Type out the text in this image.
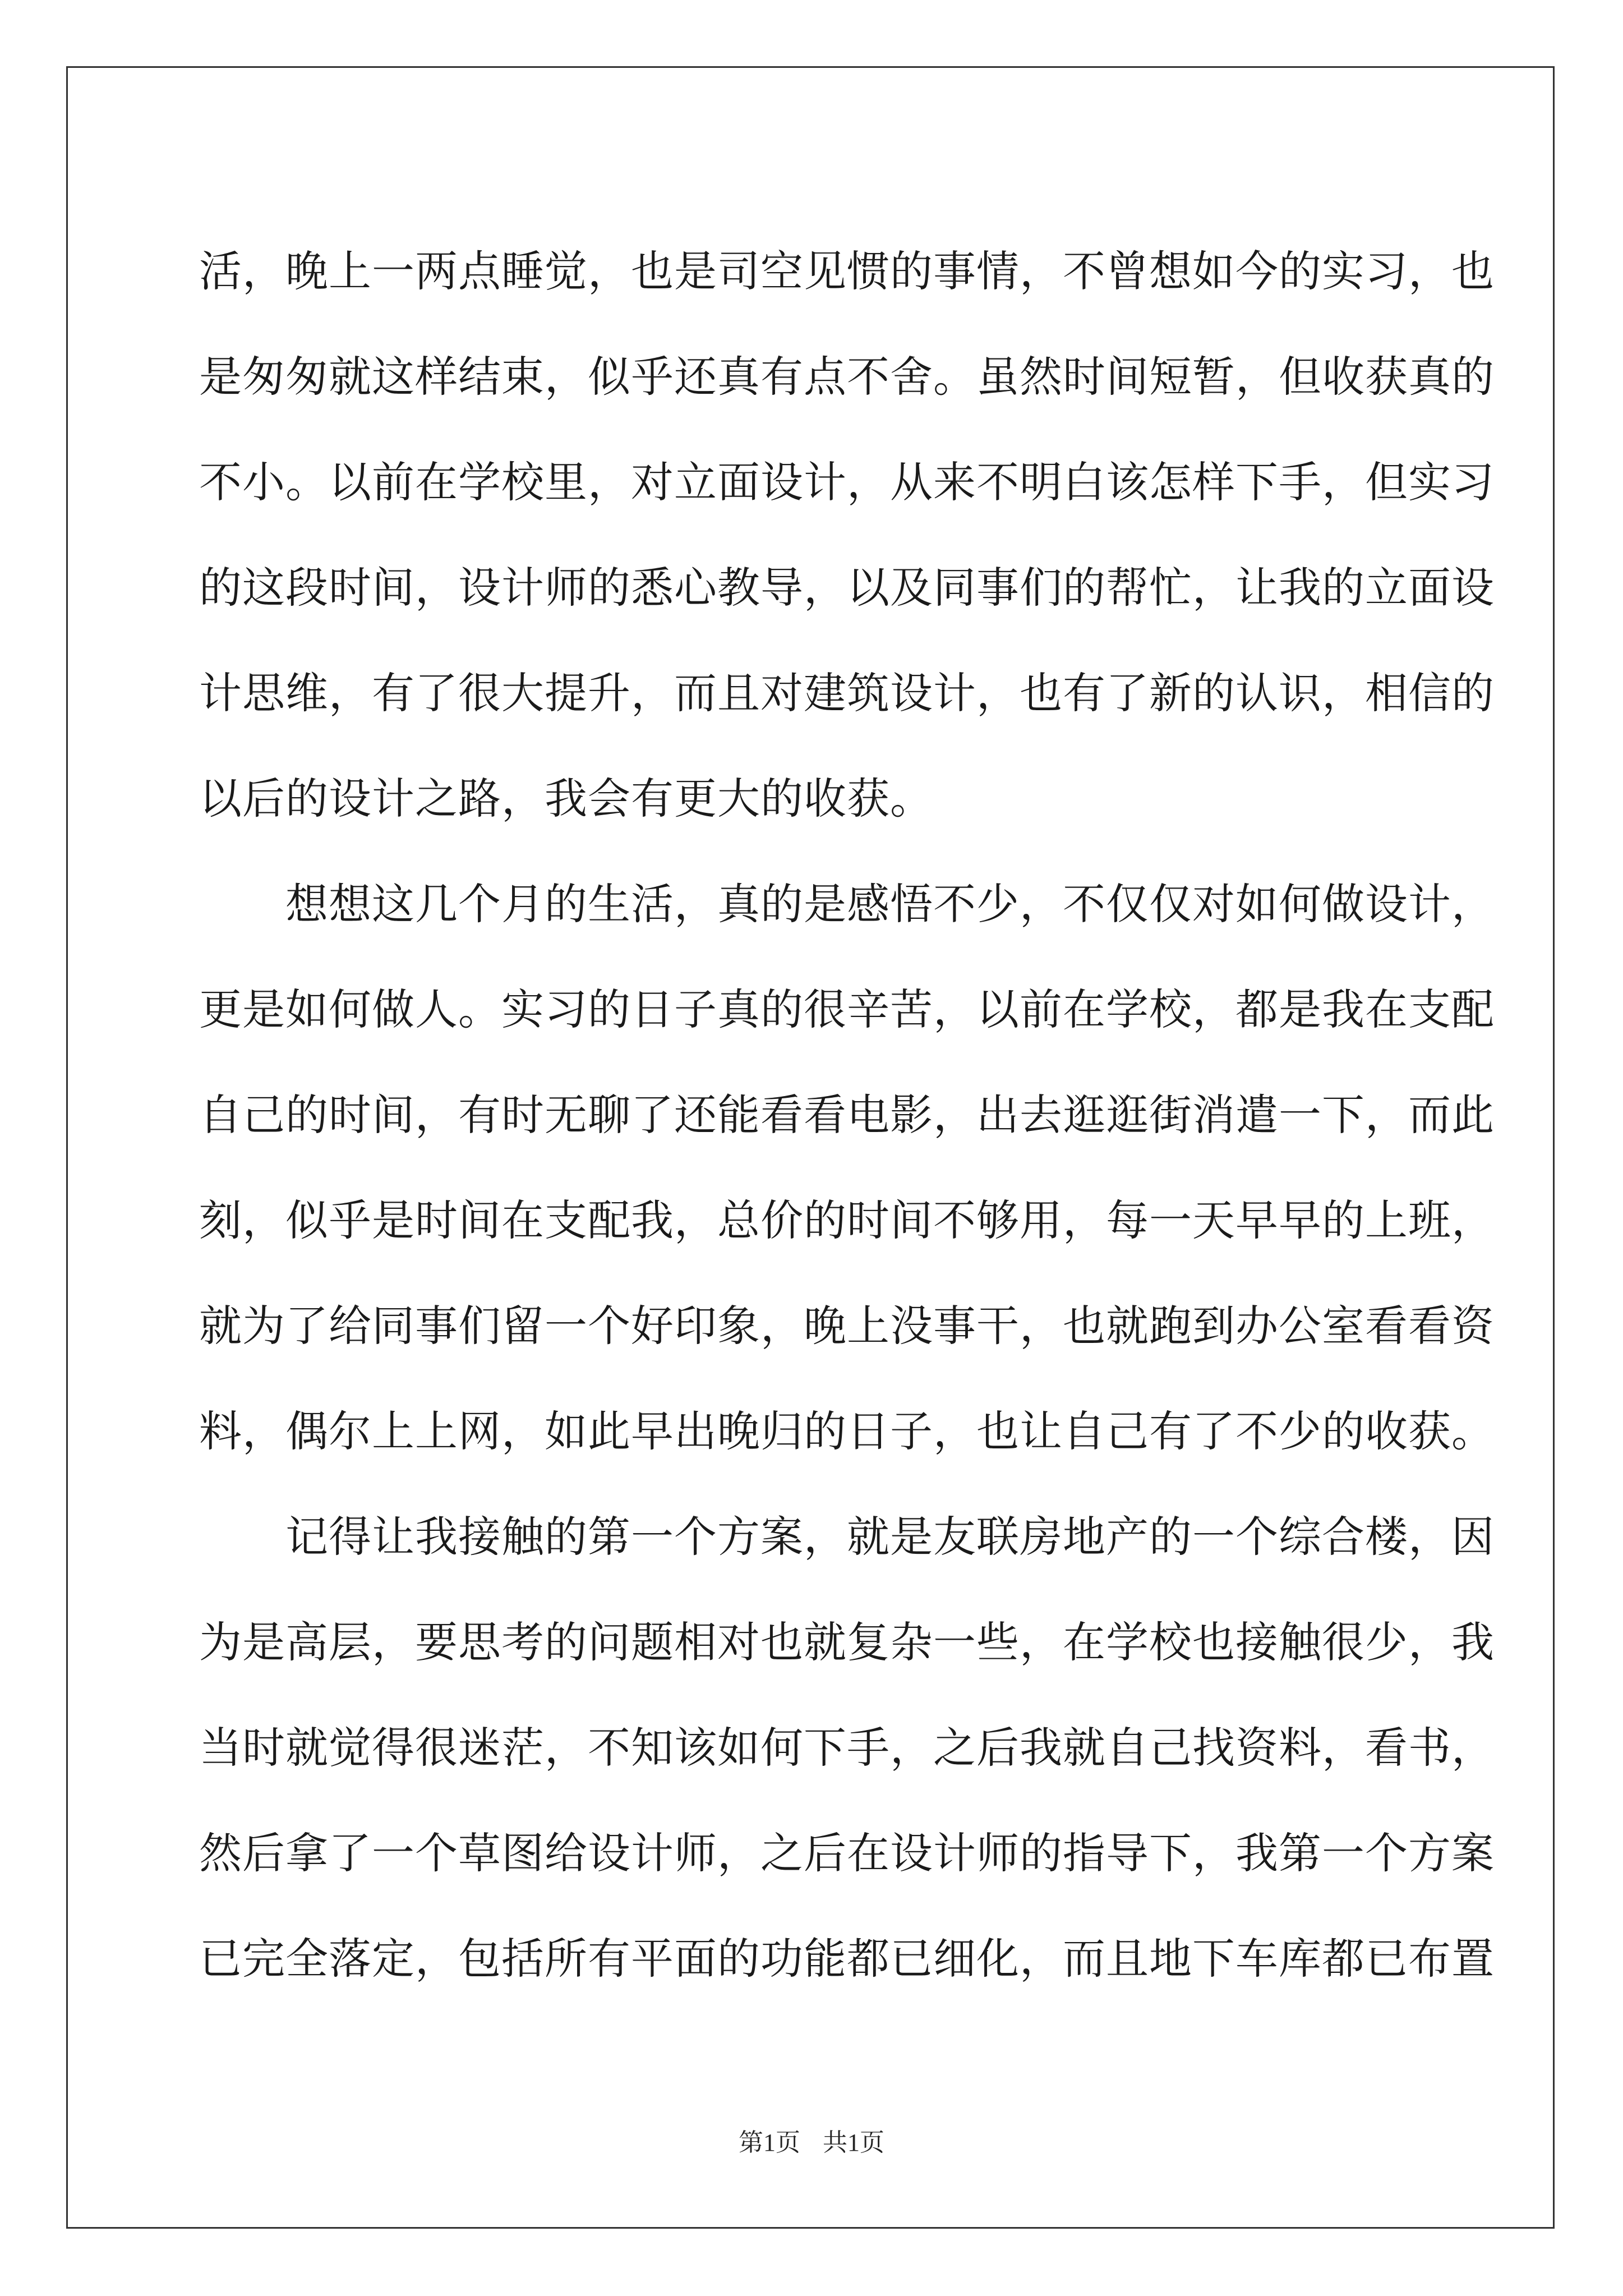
活，晚上一两点睡觉，也是司空见惯的事情，不曾想如今的实习，也
是匆匆就这样结束，似乎还真有点不舍。虽然时间短暂，但收获真的
不小。以前在学校里，对立面设计，从来不明白该怎样下手，但实习
的这段时间，设计师的悉心教导，以及同事们的帮忙，让我的立面设
计思维，有了很大提升，而且对建筑设计，也有了新的认识，相信的
以后的设计之路，我会有更大的收获。
　　想想这几个月的生活，真的是感悟不少，不仅仅对如何做设计，
更是如何做人。实习的日子真的很辛苦，以前在学校，都是我在支配
自己的时间，有时无聊了还能看看电影，出去逛逛街消遣一下，而此
刻，似乎是时间在支配我，总价的时间不够用，每一天早早的上班，
就为了给同事们留一个好印象，晚上没事干，也就跑到办公室看看资
料，偶尔上上网，如此早出晚归的日子，也让自己有了不少的收获。
　　记得让我接触的第一个方案，就是友联房地产的一个综合楼，因
为是高层，要思考的问题相对也就复杂一些，在学校也接触很少，我
当时就觉得很迷茫，不知该如何下手，之后我就自己找资料，看书，
然后拿了一个草图给设计师，之后在设计师的指导下，我第一个方案
已完全落定，包括所有平面的功能都已细化，而且地下车库都已布置
第1页 共1页
